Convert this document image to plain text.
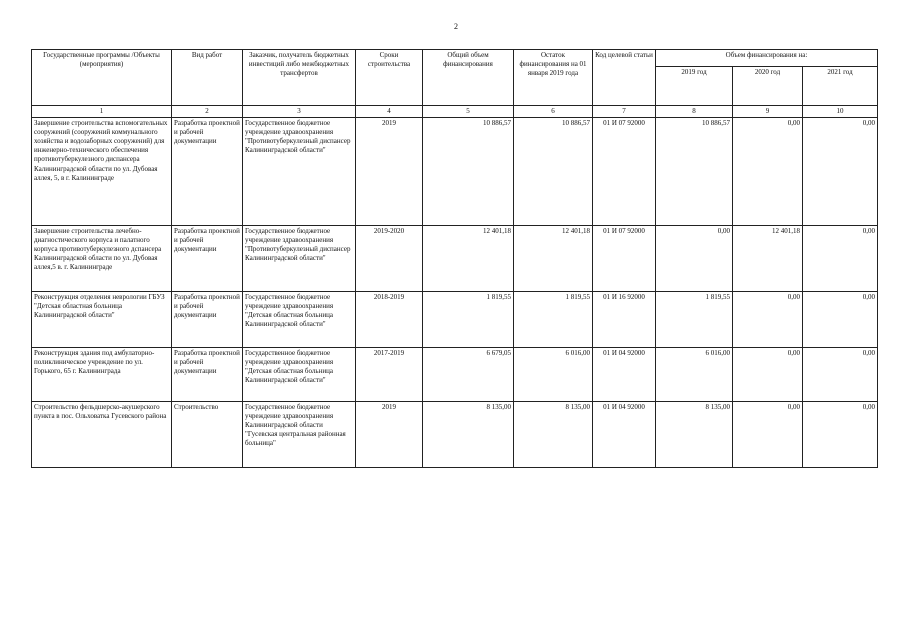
2
Государственные программы /Объекты (мероприятия)	Вид работ	Заказчик, получатель бюджетных инвестиций либо межбюджетных трансфертов	Сроки строительства	Общий объем финансирования	Остаток финансирования на 01 января 2019 года	Код целевой статьи	Объем финансирования на:		
							2019 год	2020 год	2021 год
1	2	3	4	5	6	7	8	9	10
Завершение строительства вспомогательных сооружений (сооружений коммунального хозяйства и водозаборных сооружений) для инженерно-технического обеспечения противотуберкулезного диспансера Калининградской области по ул. Дубовая аллея, 5, в г. Калининграде	Разработка проектной и рабочей документации	Государственное бюджетное учреждение здравоохранения "Противотуберкулезный диспансер Калининградской области"	2019	10 886,57	10 886,57	01 И 07 92000	10 886,57	0,00	0,00
Завершение строительства лечебно-диагностического корпуса и палатного корпуса противотуберкулезного дспансера Калининградской области по ул. Дубовая аллея,5 в. г. Калининграде	Разработка проектной и рабочей документации	Государственное бюджетное учреждение здравоохранения "Противотуберкулезный диспансер Калининградской области"	2019-2020	12 401,18	12 401,18	01 И 07 92000	0,00	12 401,18	0,00
Реконструкция отделения неврологии ГБУЗ "Детская областная больница Калининградской области"	Разработка проектной и рабочей документации	Государственное бюджетное учреждение здравоохранения "Детская областная больница Калининградской области"	2018-2019	1 819,55	1 819,55	01 И 16 92000	1 819,55	0,00	0,00
Реконструкция здания под амбулаторно-поликлиническое учреждение по ул. Горького, 65 г. Калининграда	Разработка проектной и рабочей документации	Государственное бюджетное учреждение здравоохранения "Детская областная больница Калининградской области"	2017-2019	6 679,05	6 016,00	01 И 04 92000	6 016,00	0,00	0,00
Строительство фельдшерско-акушерского пункта в пос. Ольховатка Гусевского района	Строительство	Государственное бюджетное учреждение здравоохранения Калининградской области "Гусевская центральная районная больница"	2019	8 135,00	8 135,00	01 И 04 92000	8 135,00	0,00	0,00
